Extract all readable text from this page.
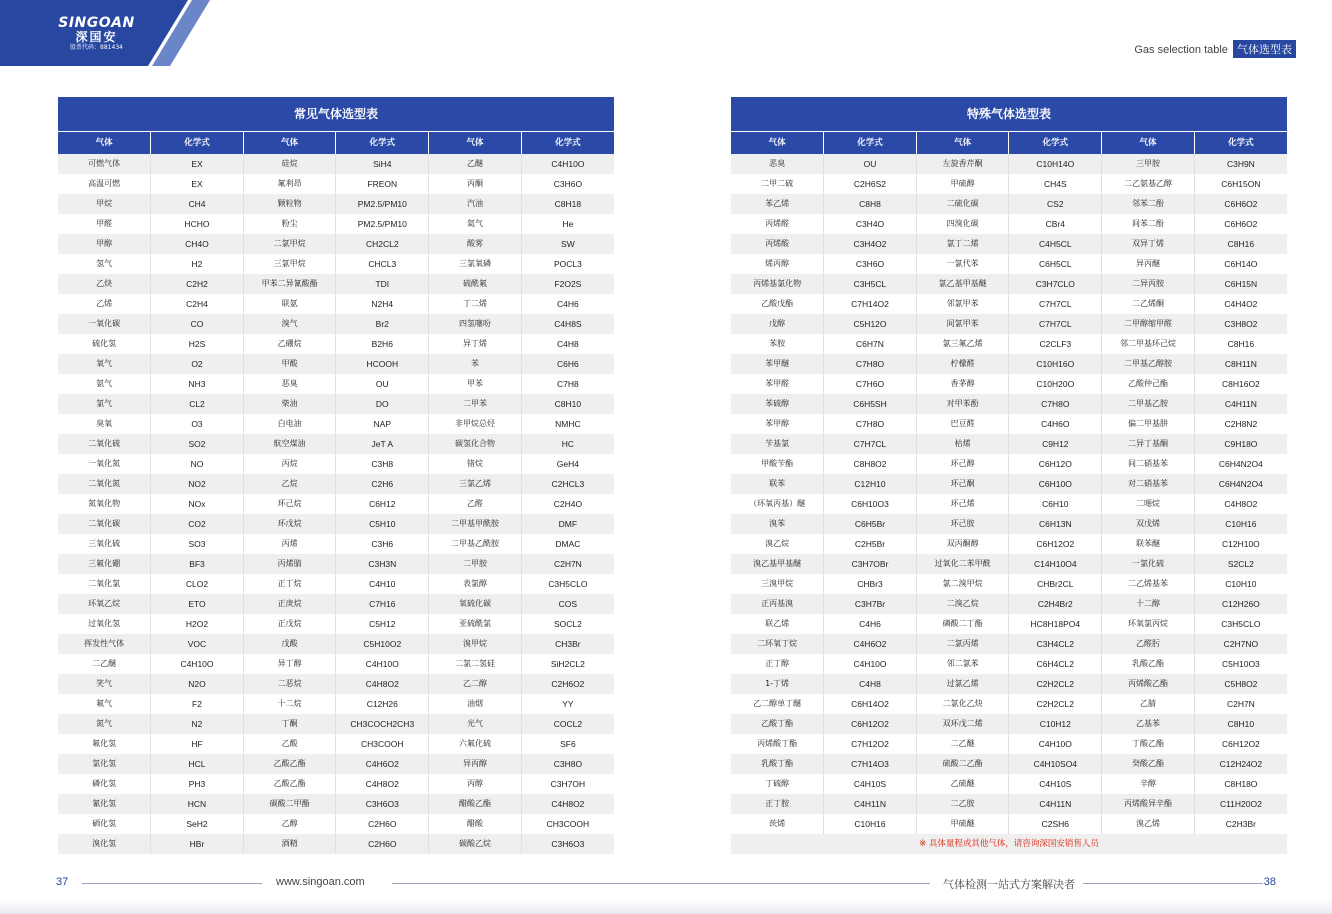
SINGOAN
深国安
股票代码：881434	Gas selection table 气体选型表
常见气体选型表					
气体	化学式	气体	化学式	气体	化学式
可燃气体	EX	硅烷	SiH4	乙醚	C4H10O
高温可燃	EX	氟利昂	FREON	丙酮	C3H6O
甲烷	CH4	颗粒物	PM2.5/PM10	汽油	C8H18
甲醛	HCHO	粉尘	PM2.5/PM10	氦气	He
甲醇	CH4O	二氯甲烷	CH2CL2	酸雾	SW
氢气	H2	三氯甲烷	CHCL3	三氯氧磷	POCL3
乙炔	C2H2	甲苯二异氰酸酯	TDI	硫酰氟	F2O2S
乙烯	C2H4	联氨	N2H4	丁二烯	C4H6
一氧化碳	CO	溴气	Br2	四氢噻吩	C4H8S
硫化氢	H2S	乙硼烷	B2H6	异丁烯	C4H8
氧气	O2	甲酸	HCOOH	苯	C6H6
氨气	NH3	恶臭	OU	甲苯	C7H8
氯气	CL2	柴油	DO	二甲苯	C8H10
臭氧	O3	白电油	NAP	非甲烷总烃	NMHC
二氧化硫	SO2	航空煤油	JeT A	碳氢化合物	HC
一氧化氮	NO	丙烷	C3H8	锗烷	GeH4
二氧化氮	NO2	乙烷	C2H6	三氯乙烯	C2HCL3
氮氧化物	NOx	环己烷	C6H12	乙醛	C2H4O
二氧化碳	CO2	环戊烷	C5H10	二甲基甲酰胺	DMF
三氧化硫	SO3	丙烯	C3H6	二甲基乙酰胺	DMAC
三氟化硼	BF3	丙烯腈	C3H3N	二甲胺	C2H7N
二氧化氯	CLO2	正丁烷	C4H10	表氯醇	C3H5CLO
环氧乙烷	ETO	正庚烷	C7H16	氧硫化碳	COS
过氧化氢	H2O2	正戊烷	C5H12	亚硫酰氯	SOCL2
挥发性气体	VOC	戊酸	C5H10O2	溴甲烷	CH3Br
二乙醚	C4H10O	异丁醇	C4H10O	二氯二氢硅	SiH2CL2
笑气	N2O	二恶烷	C4H8O2	乙二醇	C2H6O2
氟气	F2	十二烷	C12H26	油烟	YY
氮气	N2	丁酮	CH3COCH2CH3	光气	COCL2
氟化氢	HF	乙酸	CH3COOH	六氟化硫	SF6
氯化氢	HCL	乙酸乙酯	C4H6O2	异丙醇	C3H8O
磷化氢	PH3	乙酸乙酯	C4H8O2	丙醇	C3H7OH
氰化氢	HCN	碳酸二甲酯	C3H6O3	醋酸乙酯	C4H8O2
硒化氢	SeH2	乙醇	C2H6O	醋酸	CH3COOH
溴化氢	HBr	酒精	C2H6O	碳酸乙烷	C3H6O3
特殊气体选型表					
气体	化学式	气体	化学式	气体	化学式
恶臭	OU	左旋香芹酮	C10H14O	三甲胺	C3H9N
二甲二硫	C2H6S2	甲硫醇	CH4S	二乙氨基乙醇	C6H15ON
苯乙烯	C8H8	二硫化碳	CS2	邻苯二酚	C6H6O2
丙烯醛	C3H4O	四溴化碳	CBr4	间苯二酚	C6H6O2
丙烯酸	C3H4O2	氯丁二烯	C4H5CL	双异丁烯	C8H16
烯丙醇	C3H6O	一氯代苯	C6H5CL	异丙醚	C6H14O
丙烯基氯化物	C3H5CL	氯乙基甲基醚	C3H7CLO	二异丙胺	C6H15N
乙酸戊酯	C7H14O2	邻氯甲苯	C7H7CL	二乙烯酮	C4H4O2
戊醇	C5H12O	间氯甲苯	C7H7CL	二甲醇缩甲醛	C3H8O2
苯胺	C6H7N	氯三氟乙烯	C2CLF3	邻二甲基环己烷	C8H16
苯甲醚	C7H8O	柠檬醛	C10H16O	二甲基乙醇胺	C8H11N
苯甲醛	C7H6O	香茅醇	C10H20O	乙酸仲己酯	C8H16O2
苯硫醇	C6H5SH	对甲苯酚	C7H8O	二甲基乙胺	C4H11N
苯甲醇	C7H8O	巴豆醛	C4H6O	偏二甲基肼	C2H8N2
苄基氯	C7H7CL	枯烯	C9H12	二异丁基酮	C9H18O
甲酸苄酯	C8H8O2	环己醇	C6H12O	间二硝基苯	C6H4N2O4
联苯	C12H10	环己酮	C6H10O	对二硝基苯	C6H4N2O4
（环氧丙基）醚	C6H10O3	环己烯	C6H10	二噁烷	C4H8O2
溴苯	C6H5Br	环己胺	C6H13N	双戊烯	C10H16
溴乙烷	C2H5Br	双丙酮醇	C6H12O2	联苯醚	C12H10O
溴乙基甲基醚	C3H7OBr	过氧化二苯甲酰	C14H10O4	一氯化硫	S2CL2
三溴甲烷	CHBr3	氯二溴甲烷	CHBr2CL	二乙烯基苯	C10H10
正丙基溴	C3H7Br	二溴乙烷	C2H4Br2	十二醇	C12H26O
联乙烯	C4H6	磷酸二丁酯	HC8H18PO4	环氧氯丙烷	C3H5CLO
二环氧丁烷	C4H6O2	二氯丙烯	C3H4CL2	乙醛肟	C2H7NO
正丁醇	C4H10O	邻二氯苯	C6H4CL2	乳酸乙酯	C5H10O3
1-丁烯	C4H8	过氯乙烯	C2H2CL2	丙烯酸乙酯	C5H8O2
乙二醇单丁醚	C6H14O2	二氯化乙炔	C2H2CL2	乙腈	C2H7N
乙酸丁酯	C6H12O2	双环戊二烯	C10H12	乙基苯	C8H10
丙烯酸丁酯	C7H12O2	二乙醚	C4H10O	丁酸乙酯	C6H12O2
乳酸丁酯	C7H14O3	硫酸二乙酯	C4H10SO4	癸酸乙酯	C12H24O2
丁硫醇	C4H10S	乙硫醚	C4H10S	辛醇	C8H18O
正丁胺	C4H11N	二乙胺	C4H11N	丙烯酸异辛酯	C11H20O2
莰烯	C10H16	甲硫醚	C2SH6	溴乙烯	C2H3Br
※ 具体量程或其他气体，请咨询深国安销售人员					
37	www.singoan.com	气体检测一站式方案解决者	38
